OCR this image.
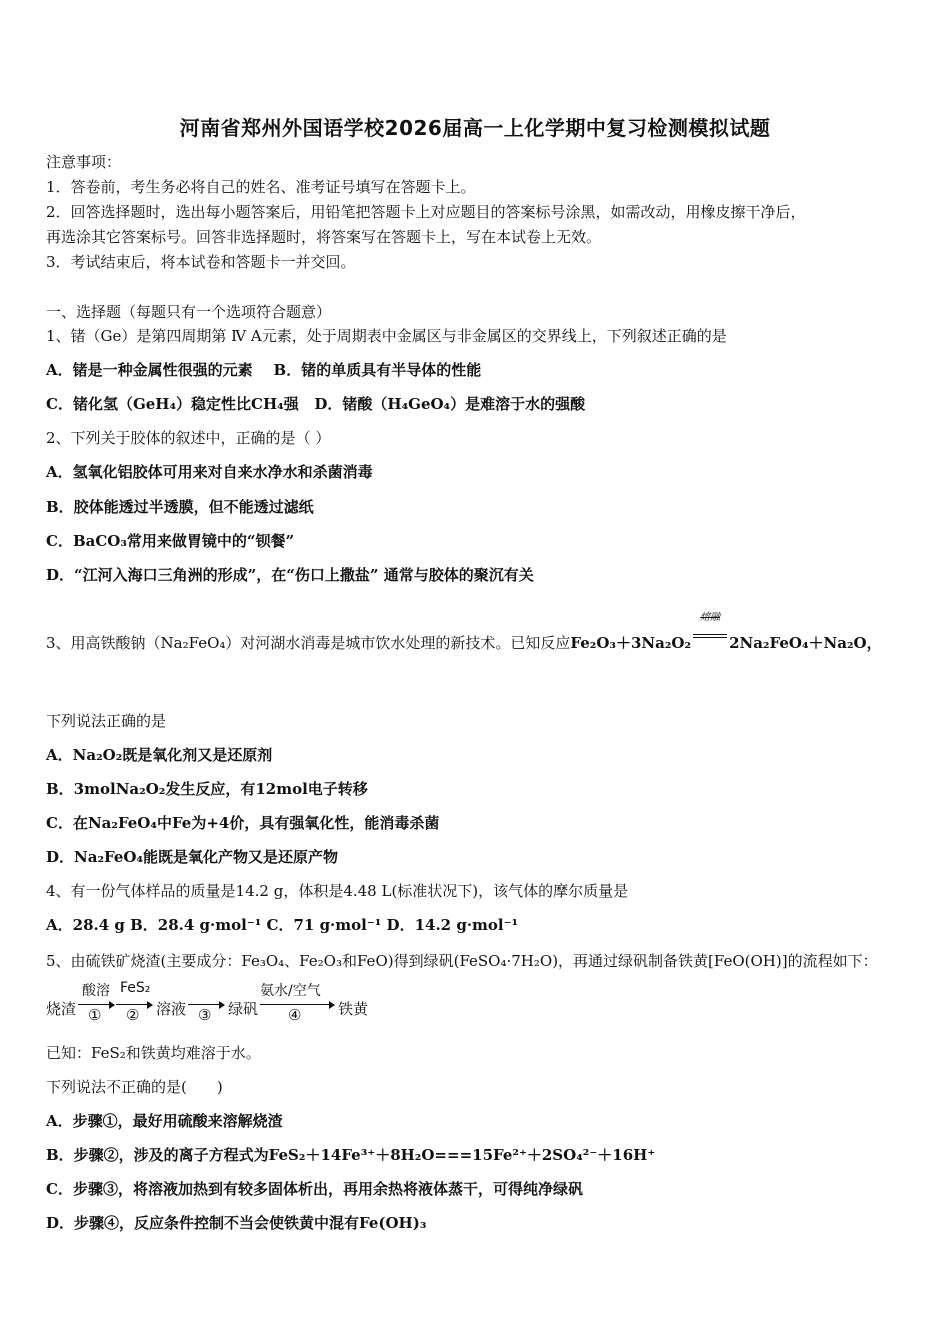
河南省郑州外国语学校2026届高一上化学期中复习检测模拟试题
注意事项：
1．答卷前，考生务必将自己的姓名、准考证号填写在答题卡上。
2．回答选择题时，选出每小题答案后，用铅笔把答题卡上对应题目的答案标号涂黑，如需改动，用橡皮擦干净后，
再选涂其它答案标号。回答非选择题时，将答案写在答题卡上，写在本试卷上无效。
3．考试结束后，将本试卷和答题卡一并交回。
一、选择题（每题只有一个选项符合题意）
1、锗（Ge）是第四周期第 Ⅳ A元素，处于周期表中金属区与非金属区的交界线上，下列叙述正确的是
A．锗是一种金属性很强的元素 B．锗的单质具有半导体的性能
C．锗化氢（GeH₄）稳定性比CH₄强 D．锗酸（H₄GeO₄）是难溶于水的强酸
2、下列关于胶体的叙述中，正确的是（ ）
A．氢氧化铝胶体可用来对自来水净水和杀菌消毒
B．胶体能透过半透膜，但不能透过滤纸
C．BaCO₃常用来做胃镜中的“钡餐”
D．“江河入海口三角洲的形成”，在“伤口上撒盐” 通常与胶体的聚沉有关
3、用高铁酸钠（Na₂FeO₄）对河湖水消毒是城市饮水处理的新技术。已知反应Fe₂O₃＋3Na₂O₂
熔融
2Na₂FeO₄＋Na₂O，
下列说法正确的是
A．Na₂O₂既是氧化剂又是还原剂
B．3molNa₂O₂发生反应，有12mol电子转移
C．在Na₂FeO₄中Fe为+4价，具有强氧化性，能消毒杀菌
D．Na₂FeO₄能既是氧化产物又是还原产物
4、有一份气体样品的质量是14.2 g，体积是4.48 L(标准状况下)，该气体的摩尔质量是
A．28.4 g B．28.4 g·mol⁻¹ C．71 g·mol⁻¹ D．14.2 g·mol⁻¹
5、由硫铁矿烧渣(主要成分：Fe₃O₄、Fe₂O₃和FeO)得到绿矾(FeSO₄·7H₂O)，再通过绿矾制备铁黄[FeO(OH)]的流程如下：
烧渣
酸溶
①
FeS₂
② 溶液 ③ 绿矾
氨水/空气
④ 铁黄
已知：FeS₂和铁黄均难溶于水。
下列说法不正确的是(　　)
A．步骤①，最好用硫酸来溶解烧渣
B．步骤②，涉及的离子方程式为FeS₂＋14Fe³⁺＋8H₂O===15Fe²⁺＋2SO₄²⁻＋16H⁺
C．步骤③，将溶液加热到有较多固体析出，再用余热将液体蒸干，可得纯净绿矾
D．步骤④，反应条件控制不当会使铁黄中混有Fe(OH)₃
